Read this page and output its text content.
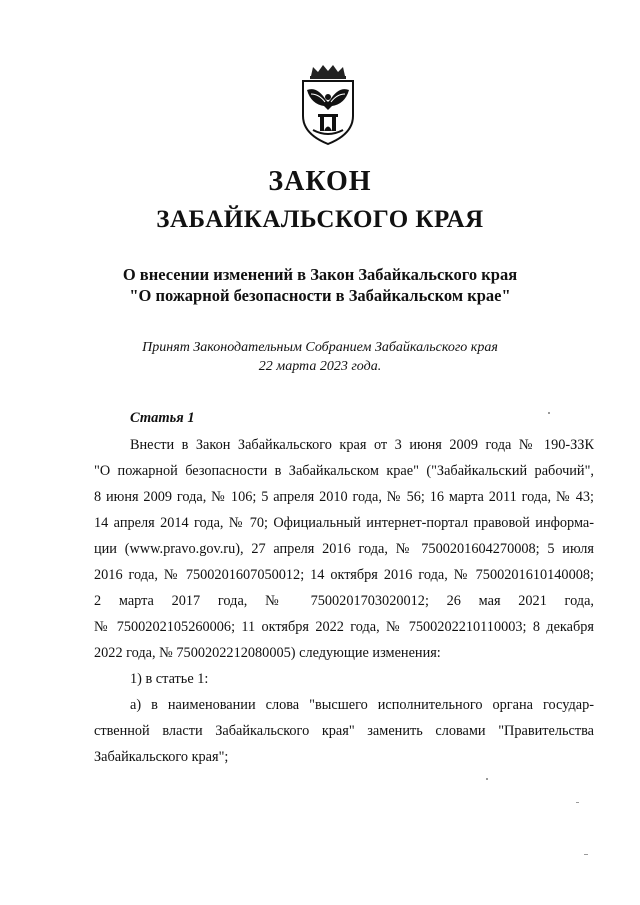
ЗАКОН
ЗАБАЙКАЛЬСКОГО КРАЯ
О внесении изменений в Закон Забайкальского края
"О пожарной безопасности в Забайкальском крае"
Принят Законодательным Собранием Забайкальского края
22 марта 2023 года.
Статья 1
Внести в Закон Забайкальского края от 3 июня 2009 года № 190-ЗЗК
"О пожарной безопасности в Забайкальском крае" ("Забайкальский рабочий",
8 июня 2009 года, № 106; 5 апреля 2010 года, № 56; 16 марта 2011 года, № 43;
14 апреля 2014 года, № 70; Официальный интернет-портал правовой информа-
ции (www.pravo.gov.ru), 27 апреля 2016 года, № 7500201604270008; 5 июля
2016 года, № 7500201607050012; 14 октября 2016 года, № 7500201610140008;
2 марта 2017 года, № 7500201703020012; 26 мая 2021 года,
№ 7500202105260006; 11 октября 2022 года, № 7500202210110003; 8 декабря
2022 года, № 7500202212080005) следующие изменения:
1) в статье 1:
а) в наименовании слова "высшего исполнительного органа государ-
ственной власти Забайкальского края" заменить словами "Правительства
Забайкальского края";
